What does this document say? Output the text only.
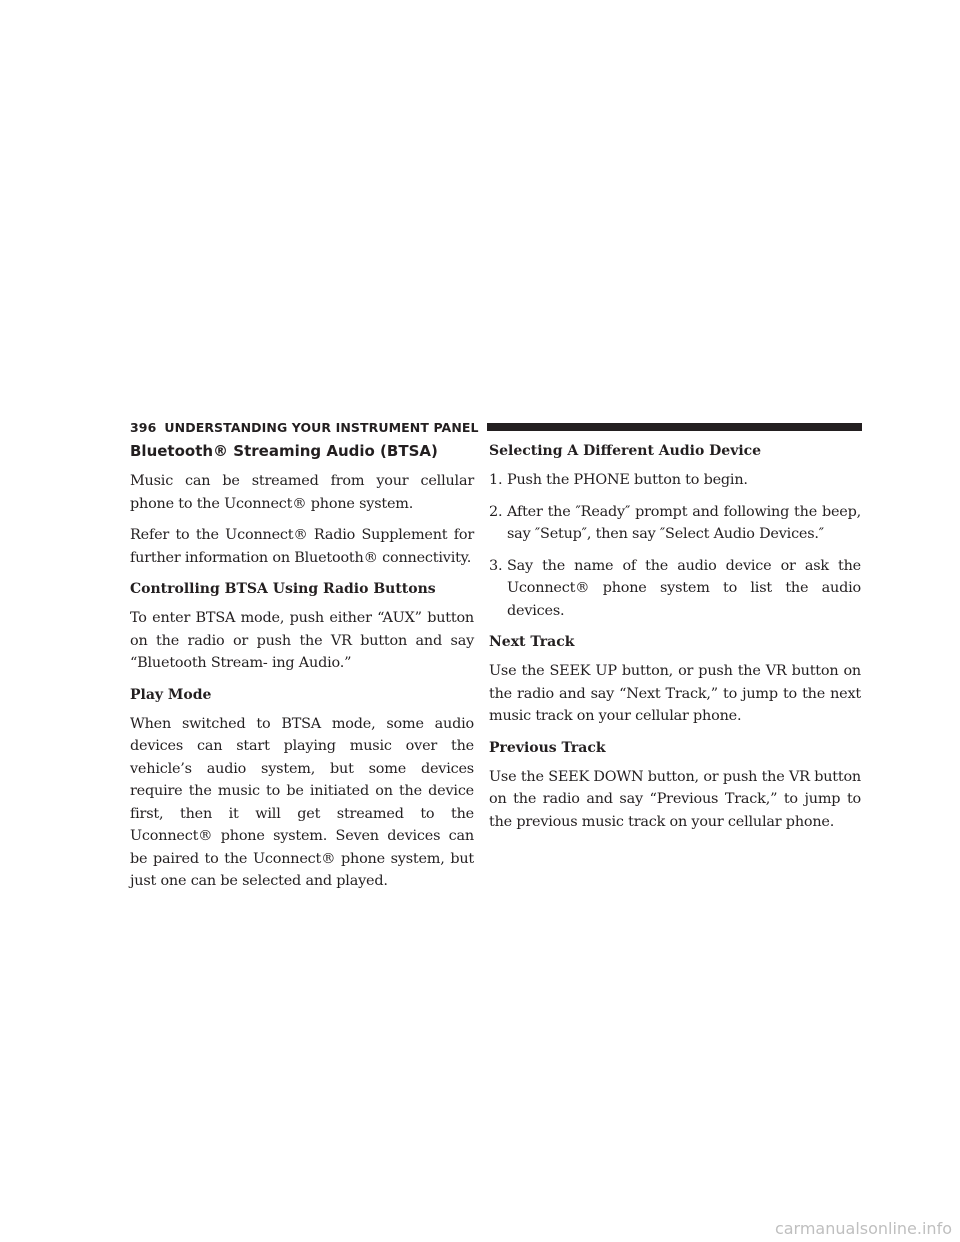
396 UNDERSTANDING YOUR INSTRUMENT PANEL
Bluetooth® Streaming Audio (BTSA)

Music can be streamed from your cellular phone to the Uconnect® phone system.

Refer to the Uconnect® Radio Supplement for further information on Bluetooth® connectivity.

Controlling BTSA Using Radio Buttons

To enter BTSA mode, push either “AUX” button on the radio or push the VR button and say “Bluetooth Stream- ing Audio.”

Play Mode

When switched to BTSA mode, some audio devices can start playing music over the vehicle’s audio system, but some devices require the music to be initiated on the device first, then it will get streamed to the Uconnect® phone system. Seven devices can be paired to the Uconnect® phone system, but just one can be selected and played.

Selecting A Different Audio Device
1. Push the PHONE button to begin.
2. After the ″Ready″ prompt and following the beep, say ″Setup″, then say ″Select Audio Devices.″
3. Say the name of the audio device or ask the Uconnect® phone system to list the audio devices.
Next Track

Use the SEEK UP button, or push the VR button on the radio and say “Next Track,” to jump to the next music track on your cellular phone.

Previous Track

Use the SEEK DOWN button, or push the VR button on the radio and say “Previous Track,” to jump to the previous music track on your cellular phone.

carmanualsonline.info
